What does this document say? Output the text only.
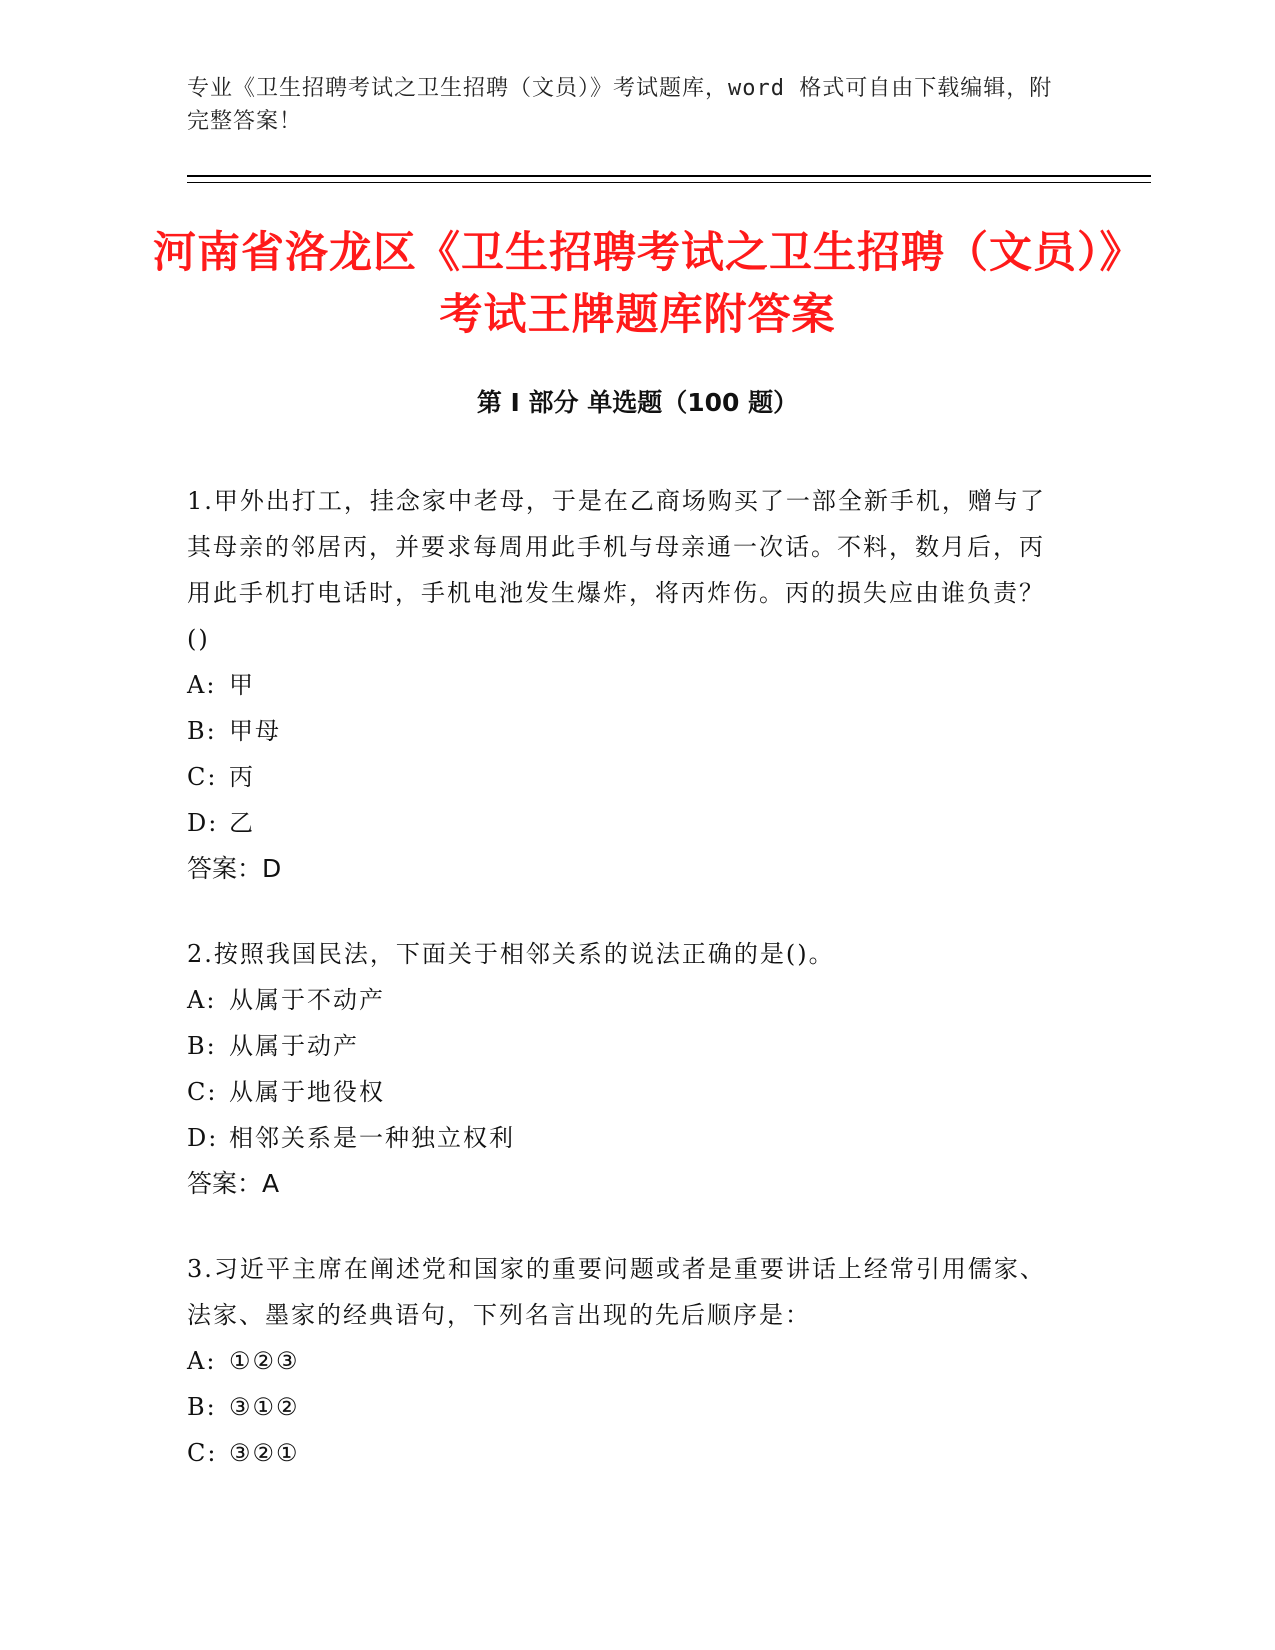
专业《卫生招聘考试之卫生招聘（文员）》考试题库，word 格式可自由下载编辑，附完整答案！
河南省洛龙区《卫生招聘考试之卫生招聘（文员）》考试王牌题库附答案
第 I 部分 单选题（100 题）

1.甲外出打工，挂念家中老母，于是在乙商场购买了一部全新手机，赠与了其母亲的邻居丙，并要求每周用此手机与母亲通一次话。不料，数月后，丙用此手机打电话时，手机电池发生爆炸，将丙炸伤。丙的损失应由谁负责？()

A: 甲
B: 甲母
C: 丙
D: 乙
答案：D

2.按照我国民法，下面关于相邻关系的说法正确的是()。

A: 从属于不动产
B: 从属于动产
C: 从属于地役权
D: 相邻关系是一种独立权利
答案：A

3.习近平主席在阐述党和国家的重要问题或者是重要讲话上经常引用儒家、法家、墨家的经典语句，下列名言出现的先后顺序是：

A: ①②③
B: ③①②
C: ③②①
